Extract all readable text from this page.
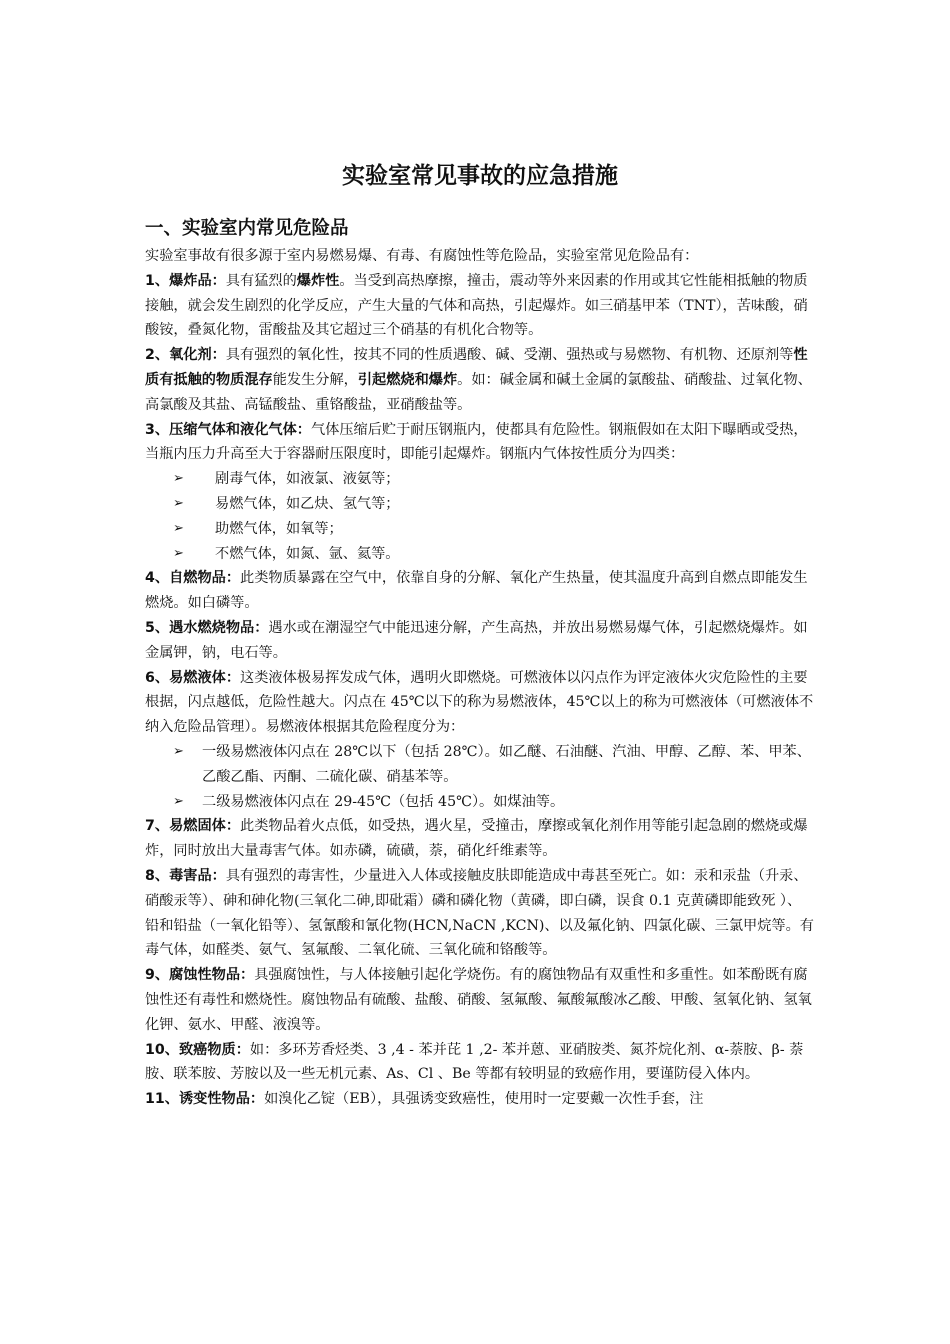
实验室常见事故的应急措施
一、实验室内常见危险品

实验室事故有很多源于室内易燃易爆、有毒、有腐蚀性等危险品，实验室常见危险品有：

1、爆炸品：具有猛烈的爆炸性。当受到高热摩擦，撞击，震动等外来因素的作用或其它性能相抵触的物质接触，就会发生剧烈的化学反应，产生大量的气体和高热，引起爆炸。如三硝基甲苯（TNT），苦味酸，硝酸铵，叠氮化物，雷酸盐及其它超过三个硝基的有机化合物等。

2、氧化剂：具有强烈的氧化性，按其不同的性质遇酸、碱、受潮、强热或与易燃物、有机物、还原剂等性质有抵触的物质混存能发生分解，引起燃烧和爆炸。如：碱金属和碱土金属的氯酸盐、硝酸盐、过氧化物、高氯酸及其盐、高锰酸盐、重铬酸盐，亚硝酸盐等。

3、压缩气体和液化气体：气体压缩后贮于耐压钢瓶内，使都具有危险性。钢瓶假如在太阳下曝晒或受热，当瓶内压力升高至大于容器耐压限度时，即能引起爆炸。钢瓶内气体按性质分为四类：

➢ 剧毒气体，如液氯、液氨等；
➢ 易燃气体，如乙炔、氢气等；
➢ 助燃气体，如氧等；
➢ 不燃气体，如氮、氩、氦等。

4、自燃物品：此类物质暴露在空气中，依靠自身的分解、氧化产生热量，使其温度升高到自燃点即能发生燃烧。如白磷等。

5、遇水燃烧物品：遇水或在潮湿空气中能迅速分解，产生高热，并放出易燃易爆气体，引起燃烧爆炸。如金属钾，钠，电石等。

6、易燃液体：这类液体极易挥发成气体，遇明火即燃烧。可燃液体以闪点作为评定液体火灾危险性的主要根据，闪点越低，危险性越大。闪点在 45℃以下的称为易燃液体，45℃以上的称为可燃液体（可燃液体不纳入危险品管理）。易燃液体根据其危险程度分为：

➢ 一级易燃液体闪点在 28℃以下（包括 28℃）。如乙醚、石油醚、汽油、甲醇、乙醇、苯、甲苯、乙酸乙酯、丙酮、二硫化碳、硝基苯等。
➢ 二级易燃液体闪点在 29-45℃（包括 45℃）。如煤油等。

7、易燃固体：此类物品着火点低，如受热，遇火星，受撞击，摩擦或氧化剂作用等能引起急剧的燃烧或爆炸，同时放出大量毒害气体。如赤磷，硫磺，萘，硝化纤维素等。

8、毒害品：具有强烈的毒害性，少量进入人体或接触皮肤即能造成中毒甚至死亡。如：汞和汞盐（升汞、硝酸汞等）、砷和砷化物(三氧化二砷,即砒霜）磷和磷化物（黄磷，即白磷，误食 0.1 克黄磷即能致死 ）、铅和铅盐（一氧化铅等）、氢氰酸和氰化物(HCN,NaCN ,KCN)、以及氟化钠、四氯化碳、三氯甲烷等。有毒气体，如醛类、氨气、氢氟酸、二氧化硫、三氧化硫和铬酸等。

9、腐蚀性物品：具强腐蚀性，与人体接触引起化学烧伤。有的腐蚀物品有双重性和多重性。如苯酚既有腐蚀性还有毒性和燃烧性。腐蚀物品有硫酸、盐酸、硝酸、氢氟酸、氟酸氟酸冰乙酸、甲酸、氢氧化钠、氢氧化钾、氨水、甲醛、液溴等。

10、致癌物质：如：多环芳香烃类、3 ,4 - 苯并芘 1 ,2- 苯并蒽、亚硝胺类、氮芥烷化剂、α-萘胺、β- 萘胺、联苯胺、芳胺以及一些无机元素、As、Cl 、Be 等都有较明显的致癌作用，要谨防侵入体内。

11、诱变性物品：如溴化乙锭（EB），具强诱变致癌性，使用时一定要戴一次性手套，注
